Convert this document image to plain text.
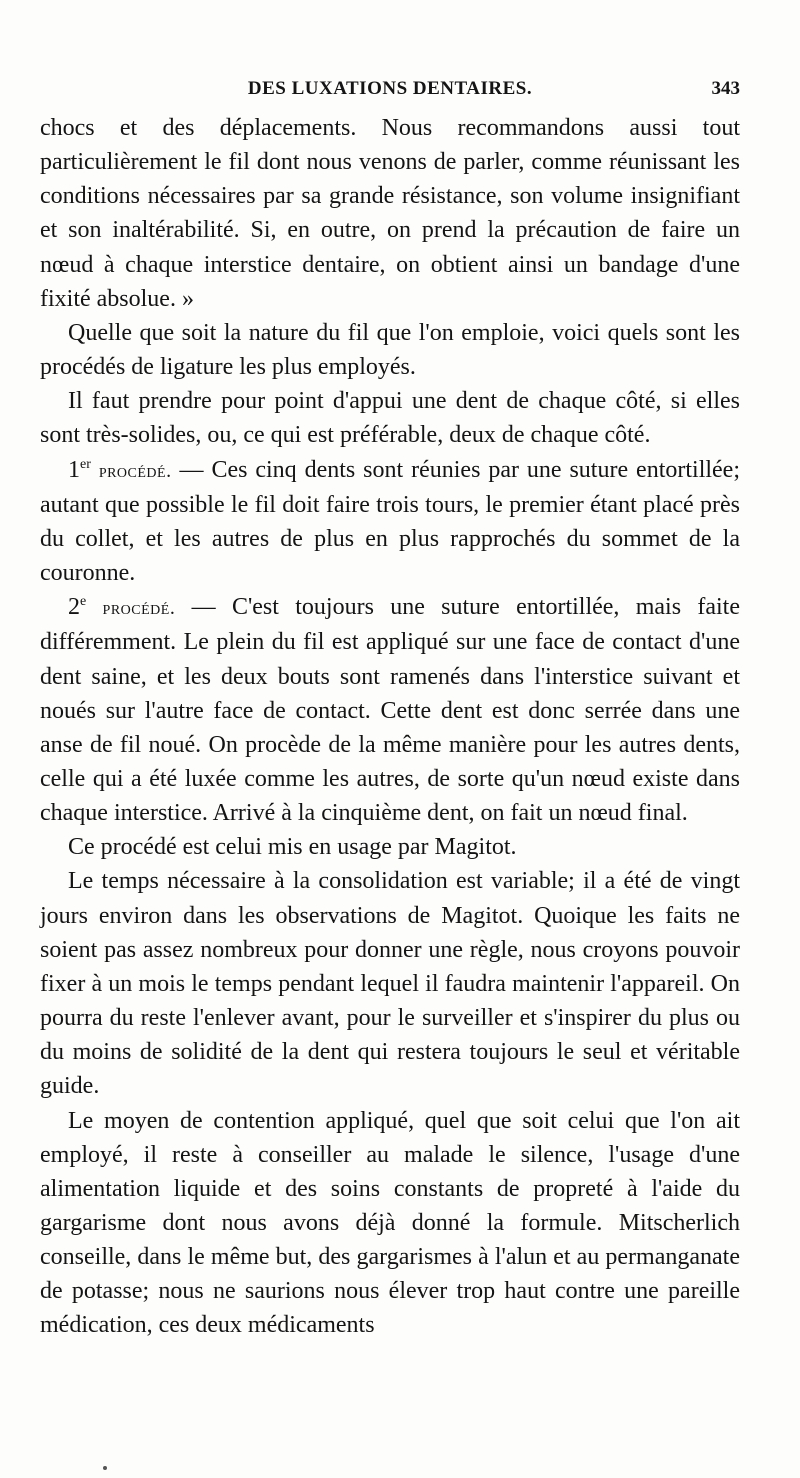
DES LUXATIONS DENTAIRES.	343

chocs et des déplacements. Nous recommandons aussi tout particulièrement le fil dont nous venons de parler, comme réunissant les conditions nécessaires par sa grande résistance, son volume insignifiant et son inaltérabilité. Si, en outre, on prend la précaution de faire un nœud à chaque interstice dentaire, on obtient ainsi un bandage d'une fixité absolue. »

Quelle que soit la nature du fil que l'on emploie, voici quels sont les procédés de ligature les plus employés.

Il faut prendre pour point d'appui une dent de chaque côté, si elles sont très-solides, ou, ce qui est préférable, deux de chaque côté.

1er procédé. — Ces cinq dents sont réunies par une suture entortillée; autant que possible le fil doit faire trois tours, le premier étant placé près du collet, et les autres de plus en plus rapprochés du sommet de la couronne.

2e procédé. — C'est toujours une suture entortillée, mais faite différemment. Le plein du fil est appliqué sur une face de contact d'une dent saine, et les deux bouts sont ramenés dans l'interstice suivant et noués sur l'autre face de contact. Cette dent est donc serrée dans une anse de fil noué. On procède de la même manière pour les autres dents, celle qui a été luxée comme les autres, de sorte qu'un nœud existe dans chaque interstice. Arrivé à la cinquième dent, on fait un nœud final.

Ce procédé est celui mis en usage par Magitot.

Le temps nécessaire à la consolidation est variable; il a été de vingt jours environ dans les observations de Magitot. Quoique les faits ne soient pas assez nombreux pour donner une règle, nous croyons pouvoir fixer à un mois le temps pendant lequel il faudra maintenir l'appareil. On pourra du reste l'enlever avant, pour le surveiller et s'inspirer du plus ou du moins de solidité de la dent qui restera toujours le seul et véritable guide.

Le moyen de contention appliqué, quel que soit celui que l'on ait employé, il reste à conseiller au malade le silence, l'usage d'une alimentation liquide et des soins constants de propreté à l'aide du gargarisme dont nous avons déjà donné la formule. Mitscherlich conseille, dans le même but, des gargarismes à l'alun et au permanganate de potasse; nous ne saurions nous élever trop haut contre une pareille médication, ces deux médicaments
